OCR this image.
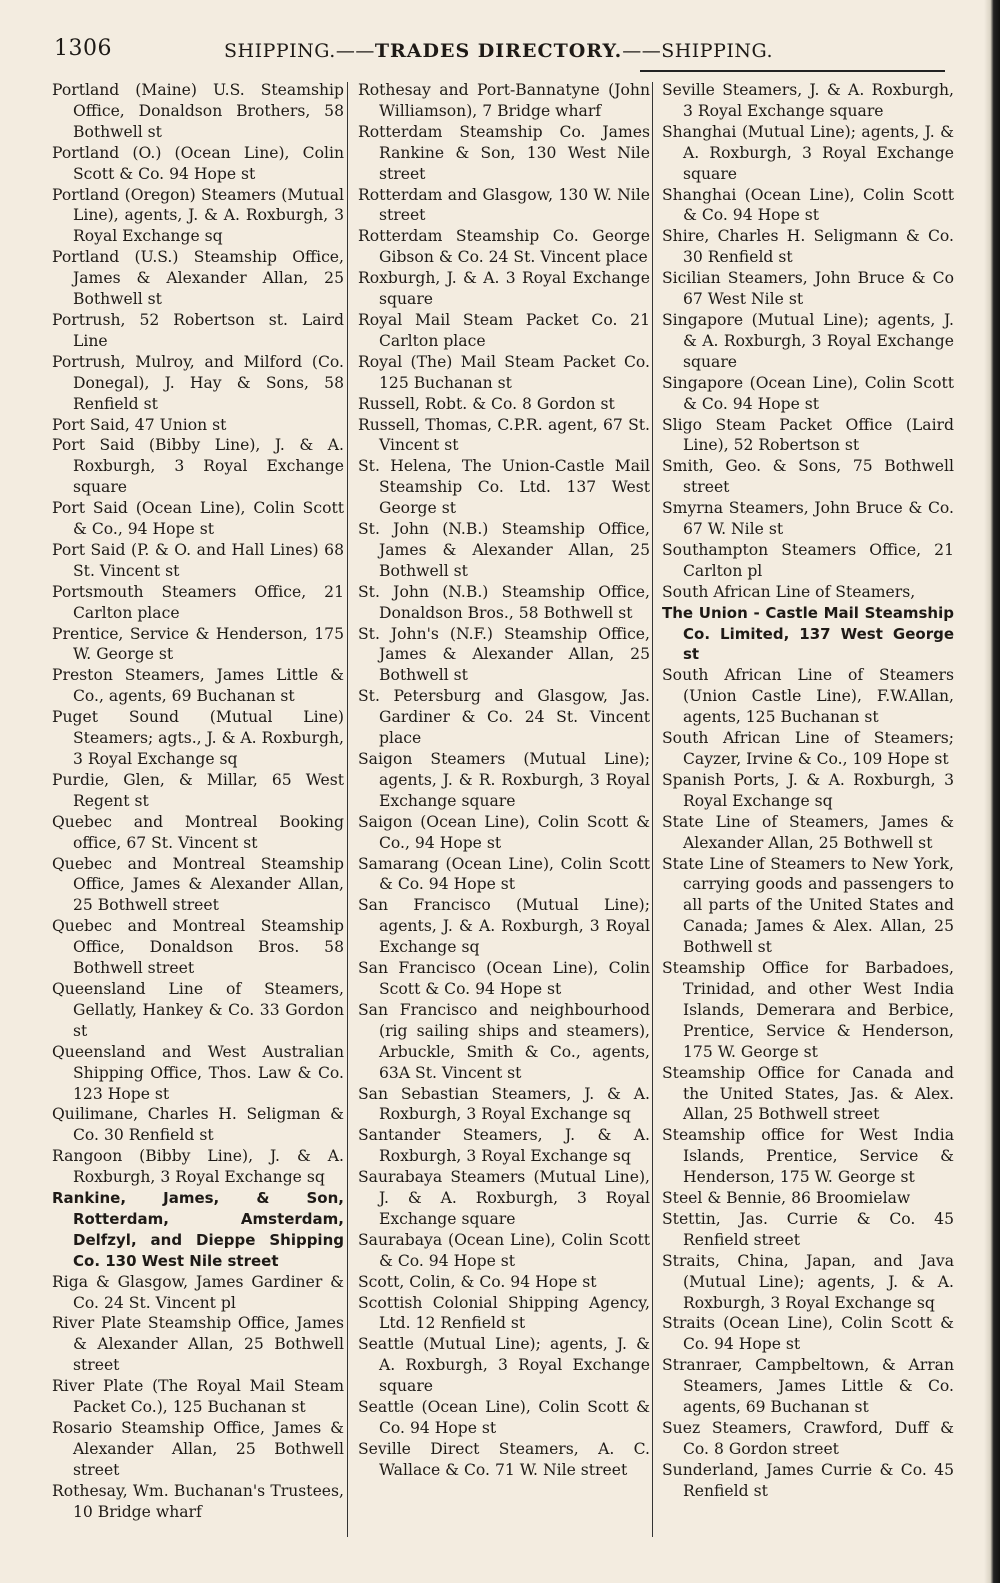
1306	SHIPPING.——TRADES DIRECTORY.——SHIPPING.

Portland (Maine) U.S. Steamship Office, Donaldson Brothers, 58 Bothwell st

Portland (O.) (Ocean Line), Colin Scott & Co. 94 Hope st

Portland (Oregon) Steamers (Mutual Line), agents, J. & A. Roxburgh, 3 Royal Exchange sq

Portland (U.S.) Steamship Office, James & Alexander Allan, 25 Bothwell st

Portrush, 52 Robertson st. Laird Line

Portrush, Mulroy, and Milford (Co. Donegal), J. Hay & Sons, 58 Renfield st

Port Said, 47 Union st

Port Said (Bibby Line), J. & A. Roxburgh, 3 Royal Exchange square

Port Said (Ocean Line), Colin Scott & Co., 94 Hope st

Port Said (P. & O. and Hall Lines) 68 St. Vincent st

Portsmouth Steamers Office, 21 Carlton place

Prentice, Service & Henderson, 175 W. George st

Preston Steamers, James Little & Co., agents, 69 Buchanan st

Puget Sound (Mutual Line) Steamers; agts., J. & A. Roxburgh, 3 Royal Exchange sq

Purdie, Glen, & Millar, 65 West Regent st

Quebec and Montreal Booking office, 67 St. Vincent st

Quebec and Montreal Steamship Office, James & Alexander Allan, 25 Bothwell street

Quebec and Montreal Steamship Office, Donaldson Bros. 58 Bothwell street

Queensland Line of Steamers, Gellatly, Hankey & Co. 33 Gordon st

Queensland and West Australian Shipping Office, Thos. Law & Co. 123 Hope st

Quilimane, Charles H. Seligman & Co. 30 Renfield st

Rangoon (Bibby Line), J. & A. Roxburgh, 3 Royal Exchange sq

Rankine, James, & Son, Rotterdam, Amsterdam, Delfzyl, and Dieppe Shipping Co. 130 West Nile street

Riga & Glasgow, James Gardiner & Co. 24 St. Vincent pl

River Plate Steamship Office, James & Alexander Allan, 25 Bothwell street

River Plate (The Royal Mail Steam Packet Co.), 125 Buchanan st

Rosario Steamship Office, James & Alexander Allan, 25 Bothwell street

Rothesay, Wm. Buchanan's Trustees, 10 Bridge wharf

Rothesay and Port-Bannatyne (John Williamson), 7 Bridge wharf

Rotterdam Steamship Co. James Rankine & Son, 130 West Nile street

Rotterdam and Glasgow, 130 W. Nile street

Rotterdam Steamship Co. George Gibson & Co. 24 St. Vincent place

Roxburgh, J. & A. 3 Royal Exchange square

Royal Mail Steam Packet Co. 21 Carlton place

Royal (The) Mail Steam Packet Co. 125 Buchanan st

Russell, Robt. & Co. 8 Gordon st

Russell, Thomas, C.P.R. agent, 67 St. Vincent st

St. Helena, The Union-Castle Mail Steamship Co. Ltd. 137 West George st

St. John (N.B.) Steamship Office, James & Alexander Allan, 25 Bothwell st

St. John (N.B.) Steamship Office, Donaldson Bros., 58 Bothwell st

St. John's (N.F.) Steamship Office, James & Alexander Allan, 25 Bothwell st

St. Petersburg and Glasgow, Jas. Gardiner & Co. 24 St. Vincent place

Saigon Steamers (Mutual Line); agents, J. & R. Roxburgh, 3 Royal Exchange square

Saigon (Ocean Line), Colin Scott & Co., 94 Hope st

Samarang (Ocean Line), Colin Scott & Co. 94 Hope st

San Francisco (Mutual Line); agents, J. & A. Roxburgh, 3 Royal Exchange sq

San Francisco (Ocean Line), Colin Scott & Co. 94 Hope st

San Francisco and neighbourhood (rig sailing ships and steamers), Arbuckle, Smith & Co., agents, 63A St. Vincent st

San Sebastian Steamers, J. & A. Roxburgh, 3 Royal Exchange sq

Santander Steamers, J. & A. Roxburgh, 3 Royal Exchange sq

Saurabaya Steamers (Mutual Line), J. & A. Roxburgh, 3 Royal Exchange square

Saurabaya (Ocean Line), Colin Scott & Co. 94 Hope st

Scott, Colin, & Co. 94 Hope st

Scottish Colonial Shipping Agency, Ltd. 12 Renfield st

Seattle (Mutual Line); agents, J. & A. Roxburgh, 3 Royal Exchange square

Seattle (Ocean Line), Colin Scott & Co. 94 Hope st

Seville Direct Steamers, A. C. Wallace & Co. 71 W. Nile street

Seville Steamers, J. & A. Roxburgh, 3 Royal Exchange square

Shanghai (Mutual Line); agents, J. & A. Roxburgh, 3 Royal Exchange square

Shanghai (Ocean Line), Colin Scott & Co. 94 Hope st

Shire, Charles H. Seligmann & Co. 30 Renfield st

Sicilian Steamers, John Bruce & Co 67 West Nile st

Singapore (Mutual Line); agents, J. & A. Roxburgh, 3 Royal Exchange square

Singapore (Ocean Line), Colin Scott & Co. 94 Hope st

Sligo Steam Packet Office (Laird Line), 52 Robertson st

Smith, Geo. & Sons, 75 Bothwell street

Smyrna Steamers, John Bruce & Co. 67 W. Nile st

Southampton Steamers Office, 21 Carlton pl

South African Line of Steamers,

The Union - Castle Mail Steamship Co. Limited, 137 West George st

South African Line of Steamers (Union Castle Line), F.W.Allan, agents, 125 Buchanan st

South African Line of Steamers; Cayzer, Irvine & Co., 109 Hope st

Spanish Ports, J. & A. Roxburgh, 3 Royal Exchange sq

State Line of Steamers, James & Alexander Allan, 25 Bothwell st

State Line of Steamers to New York, carrying goods and passengers to all parts of the United States and Canada; James & Alex. Allan, 25 Bothwell st

Steamship Office for Barbadoes, Trinidad, and other West India Islands, Demerara and Berbice, Prentice, Service & Henderson, 175 W. George st

Steamship Office for Canada and the United States, Jas. & Alex. Allan, 25 Bothwell street

Steamship office for West India Islands, Prentice, Service & Henderson, 175 W. George st

Steel & Bennie, 86 Broomielaw

Stettin, Jas. Currie & Co. 45 Renfield street

Straits, China, Japan, and Java (Mutual Line); agents, J. & A. Roxburgh, 3 Royal Exchange sq

Straits (Ocean Line), Colin Scott & Co. 94 Hope st

Stranraer, Campbeltown, & Arran Steamers, James Little & Co. agents, 69 Buchanan st

Suez Steamers, Crawford, Duff & Co. 8 Gordon street

Sunderland, James Currie & Co. 45 Renfield st
